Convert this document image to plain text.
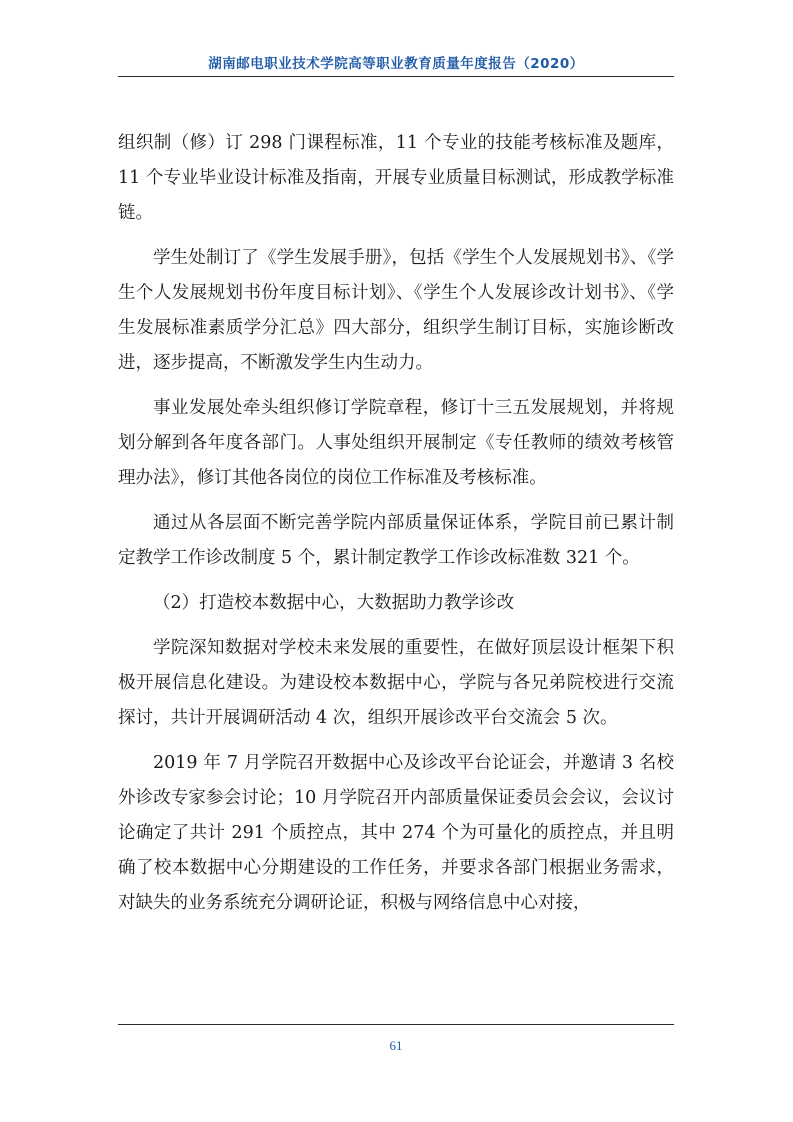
湖南邮电职业技术学院高等职业教育质量年度报告（2020）

组织制（修）订 298 门课程标准，11 个专业的技能考核标准及题库，11 个专业毕业设计标准及指南，开展专业质量目标测试，形成教学标准链。

学生处制订了《学生发展手册》，包括《学生个人发展规划书》、《学生个人发展规划书份年度目标计划》、《学生个人发展诊改计划书》、《学生发展标准素质学分汇总》四大部分，组织学生制订目标，实施诊断改进，逐步提高，不断激发学生内生动力。

事业发展处牵头组织修订学院章程，修订十三五发展规划，并将规划分解到各年度各部门。人事处组织开展制定《专任教师的绩效考核管理办法》，修订其他各岗位的岗位工作标准及考核标准。

通过从各层面不断完善学院内部质量保证体系，学院目前已累计制定教学工作诊改制度 5 个，累计制定教学工作诊改标准数 321 个。

（2）打造校本数据中心，大数据助力教学诊改

学院深知数据对学校未来发展的重要性，在做好顶层设计框架下积极开展信息化建设。为建设校本数据中心，学院与各兄弟院校进行交流探讨，共计开展调研活动 4 次，组织开展诊改平台交流会 5 次。

2019 年 7 月学院召开数据中心及诊改平台论证会，并邀请 3 名校外诊改专家参会讨论；10 月学院召开内部质量保证委员会会议，会议讨论确定了共计 291 个质控点，其中 274 个为可量化的质控点，并且明确了校本数据中心分期建设的工作任务，并要求各部门根据业务需求，对缺失的业务系统充分调研论证，积极与网络信息中心对接，

61
